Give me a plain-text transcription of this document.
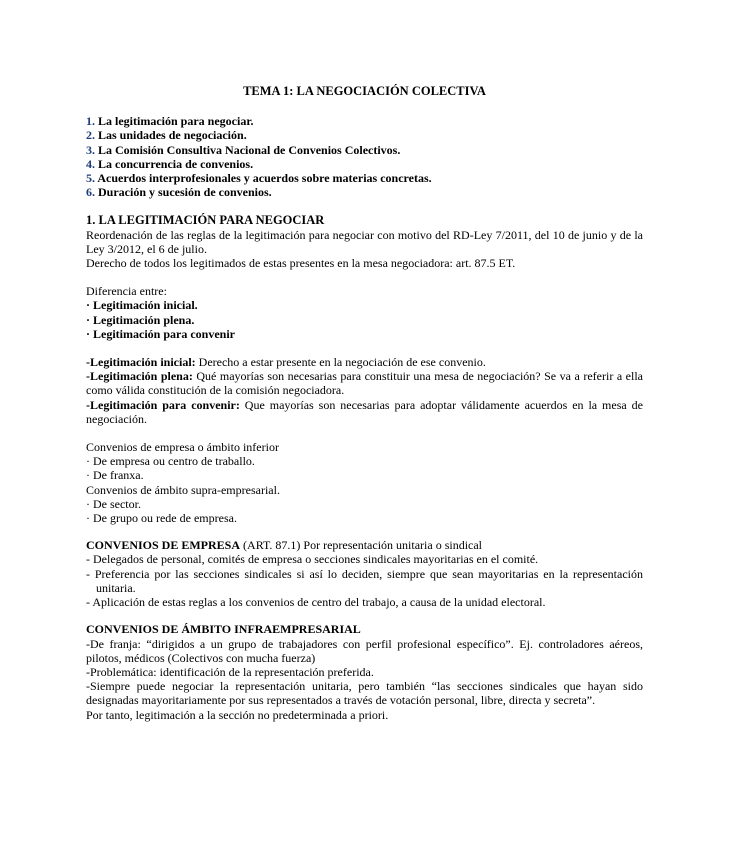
TEMA 1: LA NEGOCIACIÓN COLECTIVA
1. La legitimación para negociar.
2. Las unidades de negociación.
3. La Comisión Consultiva Nacional de Convenios Colectivos.
4. La concurrencia de convenios.
5. Acuerdos interprofesionales y acuerdos sobre materias concretas.
6. Duración y sucesión de convenios.
1. LA LEGITIMACIÓN PARA NEGOCIAR
Reordenación de las reglas de la legitimación para negociar con motivo del RD-Ley 7/2011, del 10 de junio y de la Ley 3/2012, el 6 de julio.
Derecho de todos los legitimados de estas presentes en la mesa negociadora: art. 87.5 ET.
Diferencia entre:
· Legitimación inicial.
· Legitimación plena.
· Legitimación para convenir
-Legitimación inicial: Derecho a estar presente en la negociación de ese convenio.
-Legitimación plena: Qué mayorías son necesarias para constituir una mesa de negociación? Se va a referir a ella como válida constitución de la comisión negociadora.
-Legitimación para convenir: Que mayorías son necesarias para adoptar válidamente acuerdos en la mesa de negociación.
Convenios de empresa o ámbito inferior
· De empresa ou centro de traballo.
· De franxa.
Convenios de ámbito supra-empresarial.
· De sector.
· De grupo ou rede de empresa.
CONVENIOS DE EMPRESA (ART. 87.1) Por representación unitaria o sindical
- Delegados de personal, comités de empresa o secciones sindicales mayoritarias en el comité.
- Preferencia por las secciones sindicales si así lo deciden, siempre que sean mayoritarias en la representación unitaria.
- Aplicación de estas reglas a los convenios de centro del trabajo, a causa de la unidad electoral.
CONVENIOS DE ÁMBITO INFRAEMPRESARIAL
-De franja: “dirigidos a un grupo de trabajadores con perfil profesional específico”. Ej. controladores aéreos, pilotos, médicos (Colectivos con mucha fuerza)
-Problemática: identificación de la representación preferida.
-Siempre puede negociar la representación unitaria, pero también “las secciones sindicales que hayan sido designadas mayoritariamente por sus representados a través de votación personal, libre, directa y secreta”.
Por tanto, legitimación a la sección no predeterminada a priori.
